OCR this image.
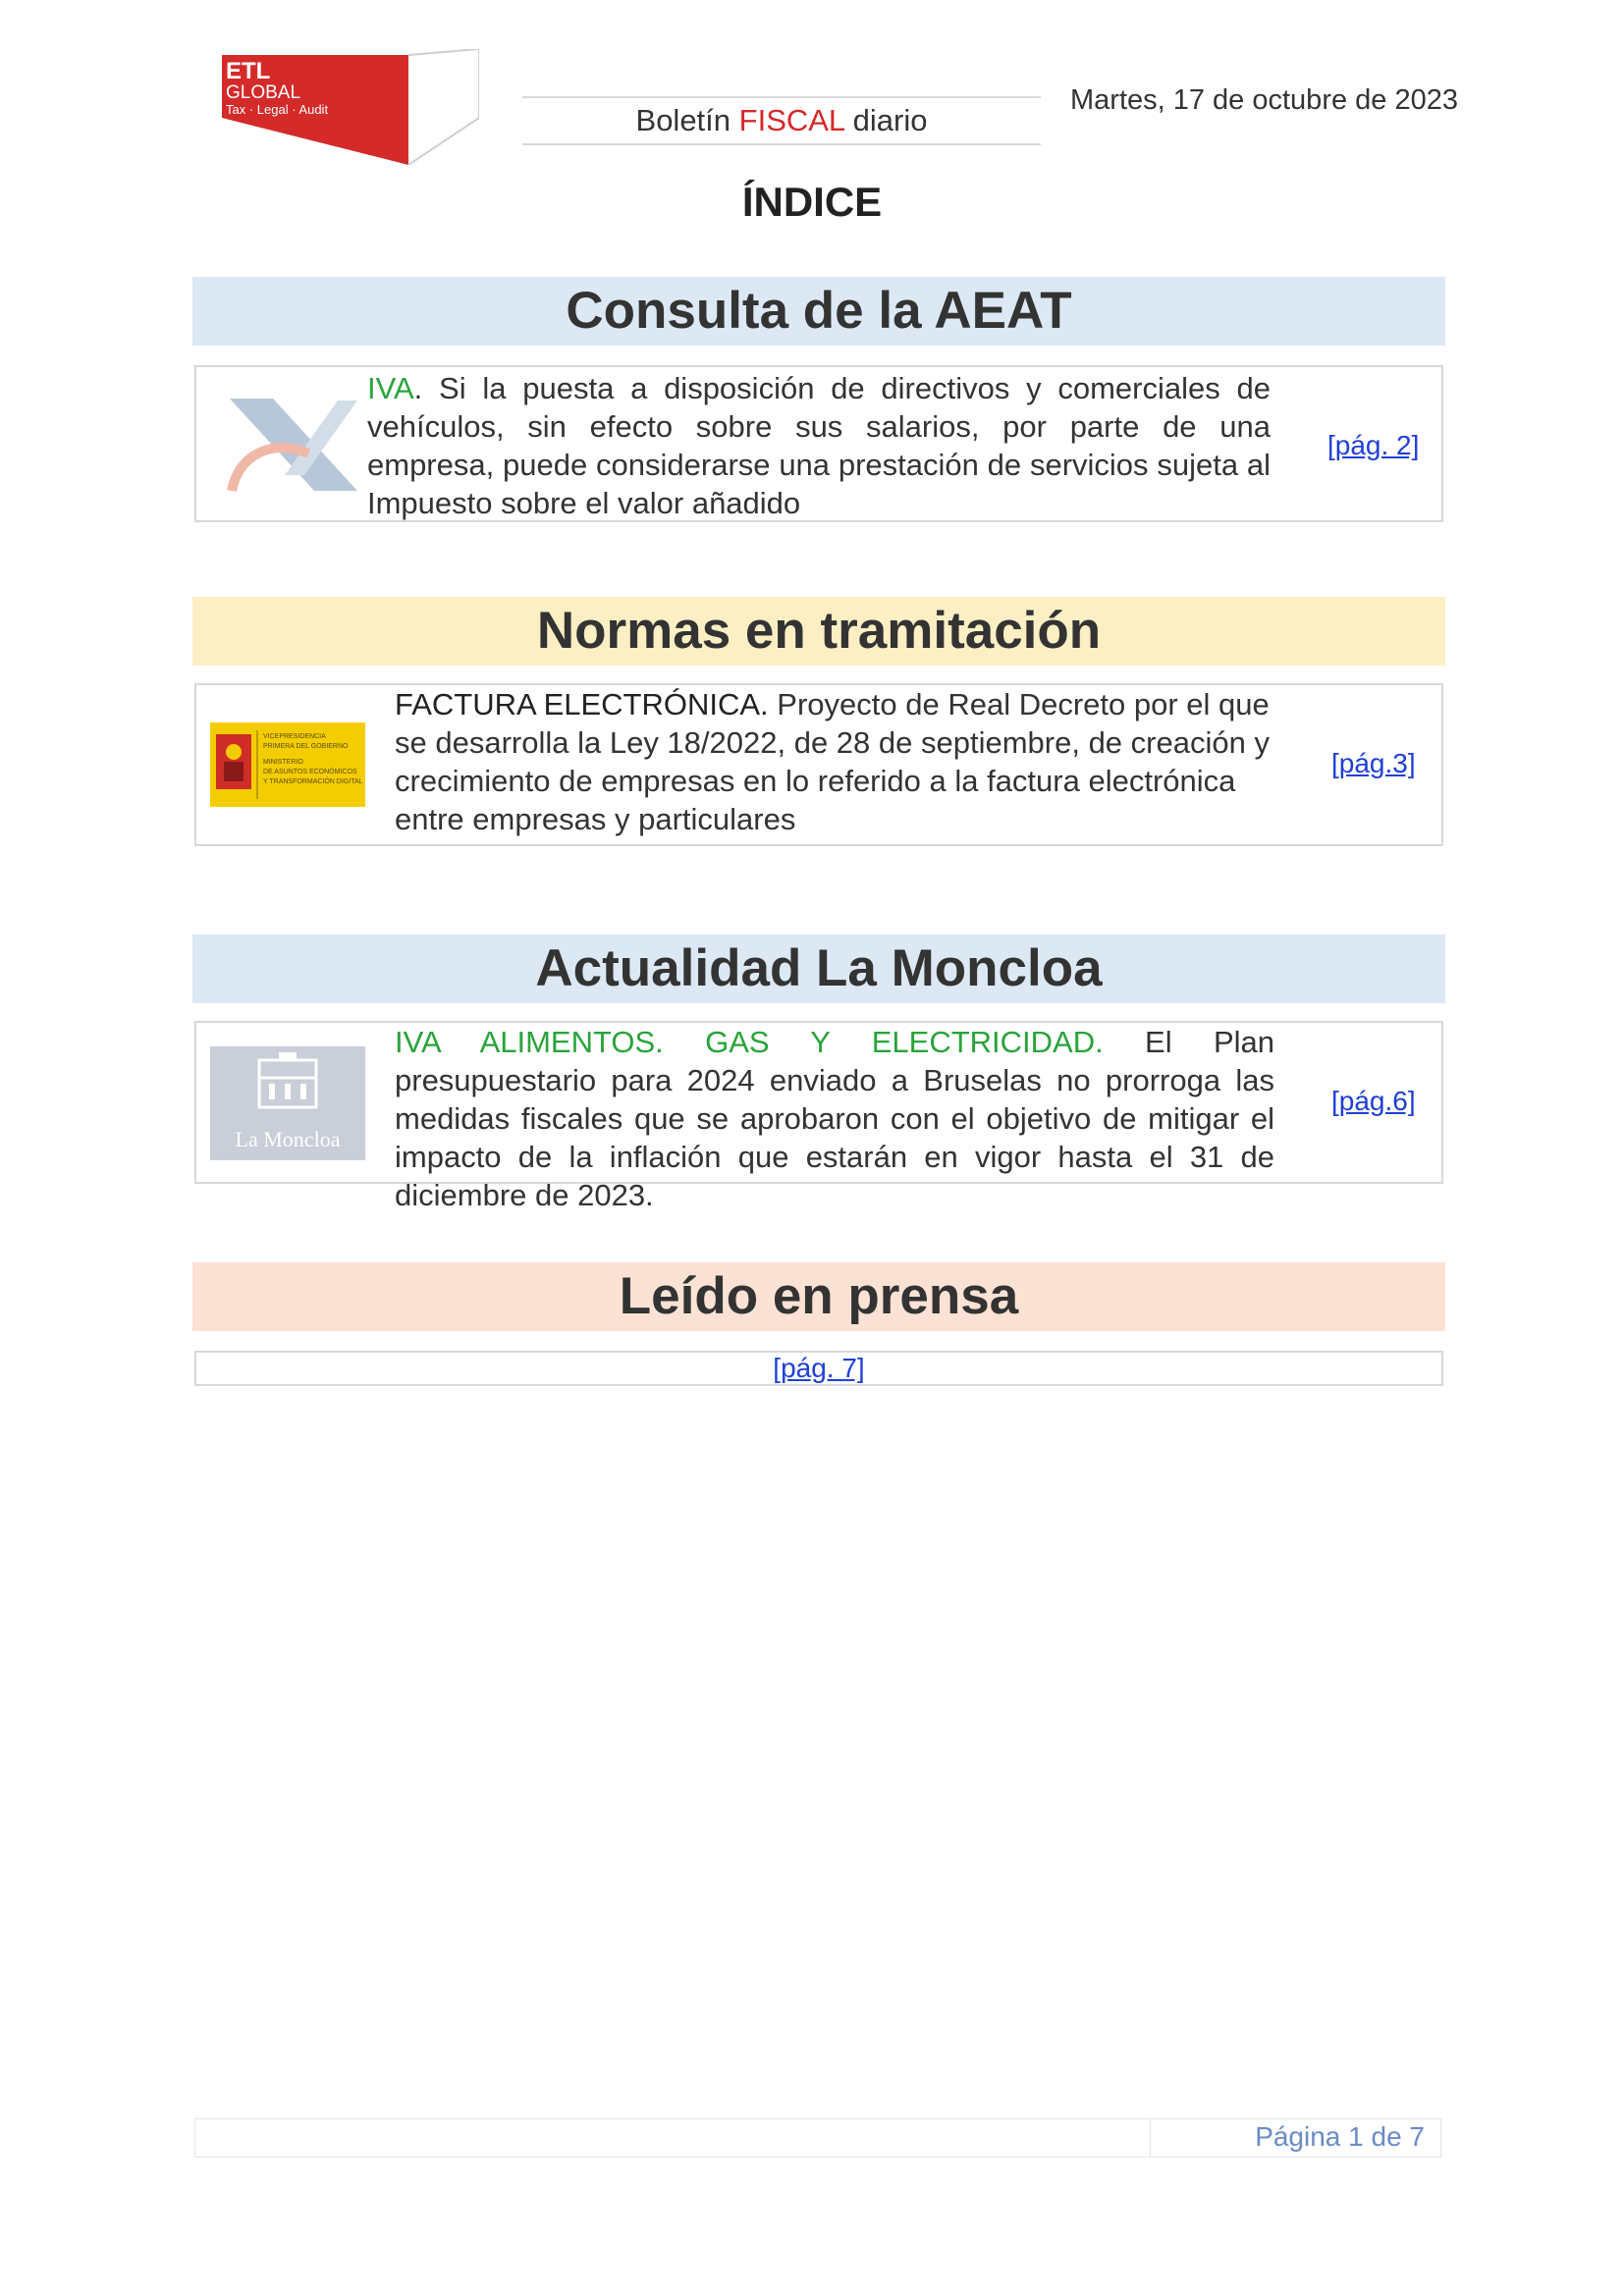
ETL
GLOBAL
Tax · Legal · Audit	Boletín FISCAL diario
Martes, 17 de octubre de 2023
ÍNDICE
Consulta de la AEAT
IVA. Si la puesta a disposición de directivos y comerciales de vehículos, sin efecto sobre sus salarios, por parte de una empresa, puede considerarse una prestación de servicios sujeta al Impuesto sobre el valor añadido
[pág. 2]
Normas en tramitación
VICEPRESIDENCIA
PRIMERA DEL GOBIERNO
MINISTERIO
DE ASUNTOS ECONÓMICOS
Y TRANSFORMACIÓN DIGITAL
FACTURA ELECTRÓNICA. Proyecto de Real Decreto por el que se desarrolla la Ley 18/2022, de 28 de septiembre, de creación y crecimiento de empresas en lo referido a la factura electrónica entre empresas y particulares
[pág.3]
Actualidad La Moncloa
La Moncloa
IVA ALIMENTOS. GAS Y ELECTRICIDAD. El Plan presupuestario para 2024 enviado a Bruselas no prorroga las medidas fiscales que se aprobaron con el objetivo de mitigar el impacto de la inflación que estarán en vigor hasta el 31 de diciembre de 2023.
[pág.6]
Leído en prensa
[pág. 7]
Página 1 de 7
